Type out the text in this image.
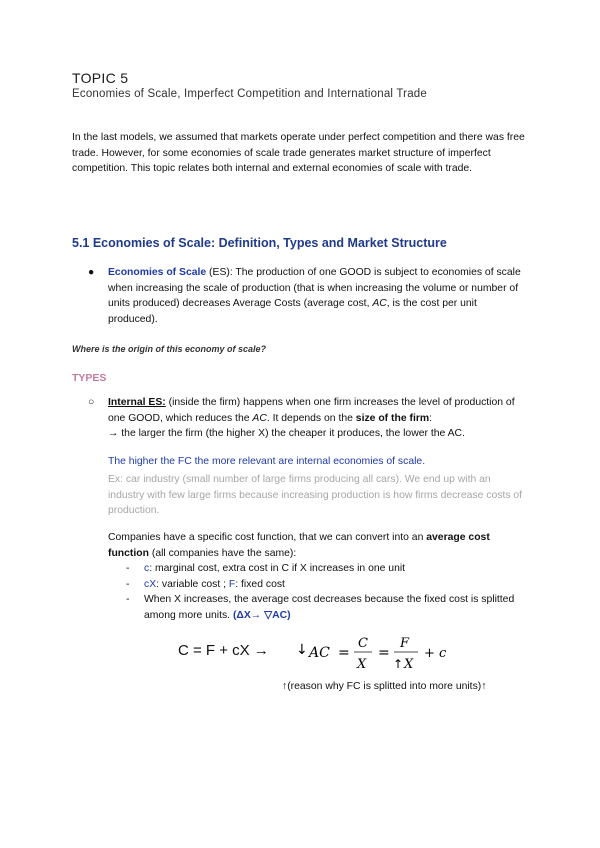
TOPIC 5
Economies of Scale, Imperfect Competition and International Trade
In the last models, we assumed that markets operate under perfect competition and there was free trade. However, for some economies of scale trade generates market structure of imperfect competition. This topic relates both internal and external economies of scale with trade.
5.1 Economies of Scale: Definition, Types and Market Structure
● Economies of Scale (ES): The production of one GOOD is subject to economies of scale when increasing the scale of production (that is when increasing the volume or number of units produced) decreases Average Costs (average cost, AC, is the cost per unit produced).
Where is the origin of this economy of scale?
TYPES
○ Internal ES: (inside the firm) happens when one firm increases the level of production of one GOOD, which reduces the AC. It depends on the size of the firm:
→ the larger the firm (the higher X) the cheaper it produces, the lower the AC.
The higher the FC the more relevant are internal economies of scale.
Ex: car industry (small number of large firms producing all cars). We end up with an industry with few large firms because increasing production is how firms decrease costs of production.
Companies have a specific cost function, that we can convert into an average cost function (all companies have the same):
- c: marginal cost, extra cost in C if X increases in one unit
- cX: variable cost ; F: fixed cost
- When X increases, the average cost decreases because the fixed cost is splitted among more units. (ΔX→ ▽AC)
C = F + cX → ↓ AC =
C
X
=
F
↑ X
+ c
↑(reason why FC is splitted into more units)↑
